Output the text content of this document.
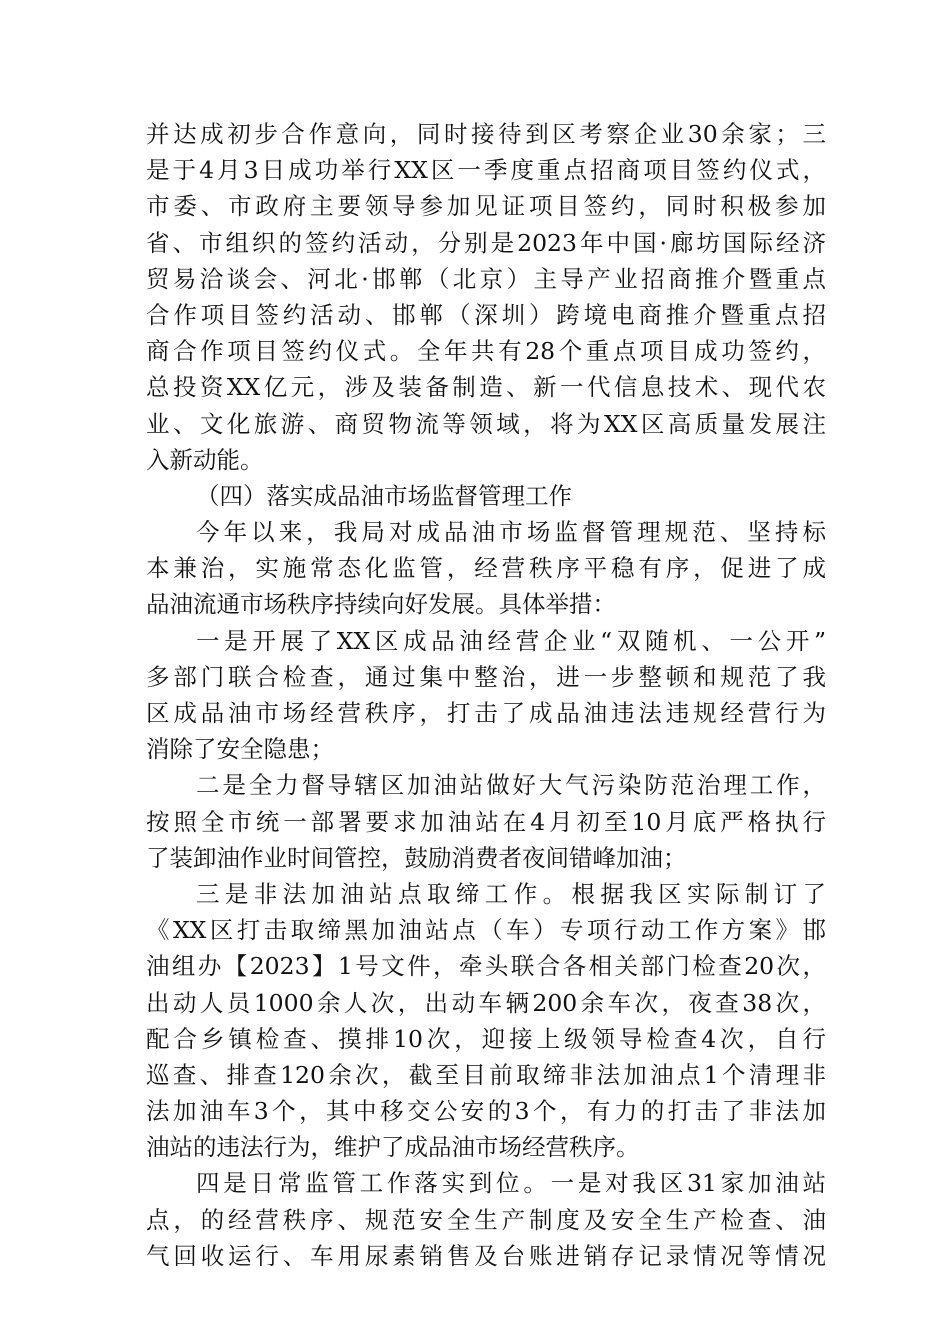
并达成初步合作意向，同时接待到区考察企业30余家；三
是于4月3日成功举行XX区一季度重点招商项目签约仪式，
市委、市政府主要领导参加见证项目签约，同时积极参加
省、市组织的签约活动，分别是2023年中国·廊坊国际经济
贸易洽谈会、河北·邯郸（北京）主导产业招商推介暨重点
合作项目签约活动、邯郸（深圳）跨境电商推介暨重点招
商合作项目签约仪式。全年共有28个重点项目成功签约，
总投资XX亿元，涉及装备制造、新一代信息技术、现代农
业、文化旅游、商贸物流等领域，将为XX区高质量发展注
入新动能。
（四）落实成品油市场监督管理工作
今年以来，我局对成品油市场监督管理规范、坚持标
本兼治，实施常态化监管，经营秩序平稳有序，促进了成
品油流通市场秩序持续向好发展。具体举措：
一是开展了XX区成品油经营企业“双随机、一公开”
多部门联合检查，通过集中整治，进一步整顿和规范了我
区成品油市场经营秩序，打击了成品油违法违规经营行为
消除了安全隐患；
二是全力督导辖区加油站做好大气污染防范治理工作，
按照全市统一部署要求加油站在4月初至10月底严格执行
了装卸油作业时间管控，鼓励消费者夜间错峰加油；
三是非法加油站点取缔工作。根据我区实际制订了
《XX区打击取缔黑加油站点（车）专项行动工作方案》邯
油组办【2023】1号文件，牵头联合各相关部门检查20次，
出动人员1000余人次，出动车辆200余车次，夜查38次，
配合乡镇检查、摸排10次，迎接上级领导检查4次，自行
巡查、排查120余次，截至目前取缔非法加油点1个清理非
法加油车3个，其中移交公安的3个，有力的打击了非法加
油站的违法行为，维护了成品油市场经营秩序。
四是日常监管工作落实到位。一是对我区31家加油站
点，的经营秩序、规范安全生产制度及安全生产检查、油
气回收运行、车用尿素销售及台账进销存记录情况等情况
